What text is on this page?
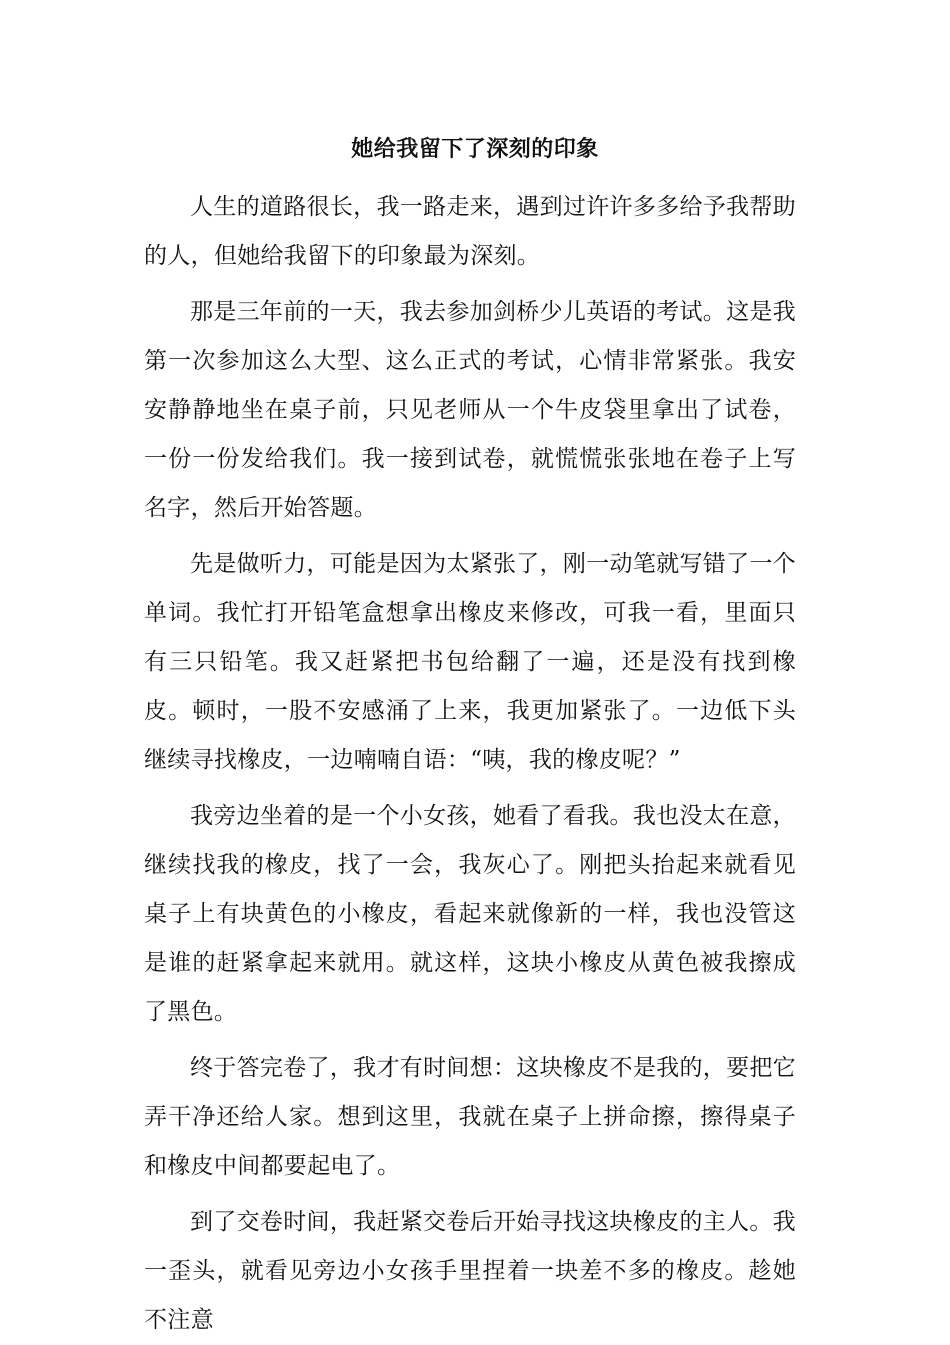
她给我留下了深刻的印象

人生的道路很长，我一路走来，遇到过许许多多给予我帮助的人，但她给我留下的印象最为深刻。

那是三年前的一天，我去参加剑桥少儿英语的考试。这是我第一次参加这么大型、这么正式的考试，心情非常紧张。我安安静静地坐在桌子前，只见老师从一个牛皮袋里拿出了试卷，一份一份发给我们。我一接到试卷，就慌慌张张地在卷子上写名字，然后开始答题。

先是做听力，可能是因为太紧张了，刚一动笔就写错了一个单词。我忙打开铅笔盒想拿出橡皮来修改，可我一看，里面只有三只铅笔。我又赶紧把书包给翻了一遍，还是没有找到橡皮。顿时，一股不安感涌了上来，我更加紧张了。一边低下头继续寻找橡皮，一边喃喃自语：“咦，我的橡皮呢？”

我旁边坐着的是一个小女孩，她看了看我。我也没太在意，继续找我的橡皮，找了一会，我灰心了。刚把头抬起来就看见桌子上有块黄色的小橡皮，看起来就像新的一样，我也没管这是谁的赶紧拿起来就用。就这样，这块小橡皮从黄色被我擦成了黑色。

终于答完卷了，我才有时间想：这块橡皮不是我的，要把它弄干净还给人家。想到这里，我就在桌子上拼命擦，擦得桌子和橡皮中间都要起电了。

到了交卷时间，我赶紧交卷后开始寻找这块橡皮的主人。我一歪头，就看见旁边小女孩手里捏着一块差不多的橡皮。趁她不注意
